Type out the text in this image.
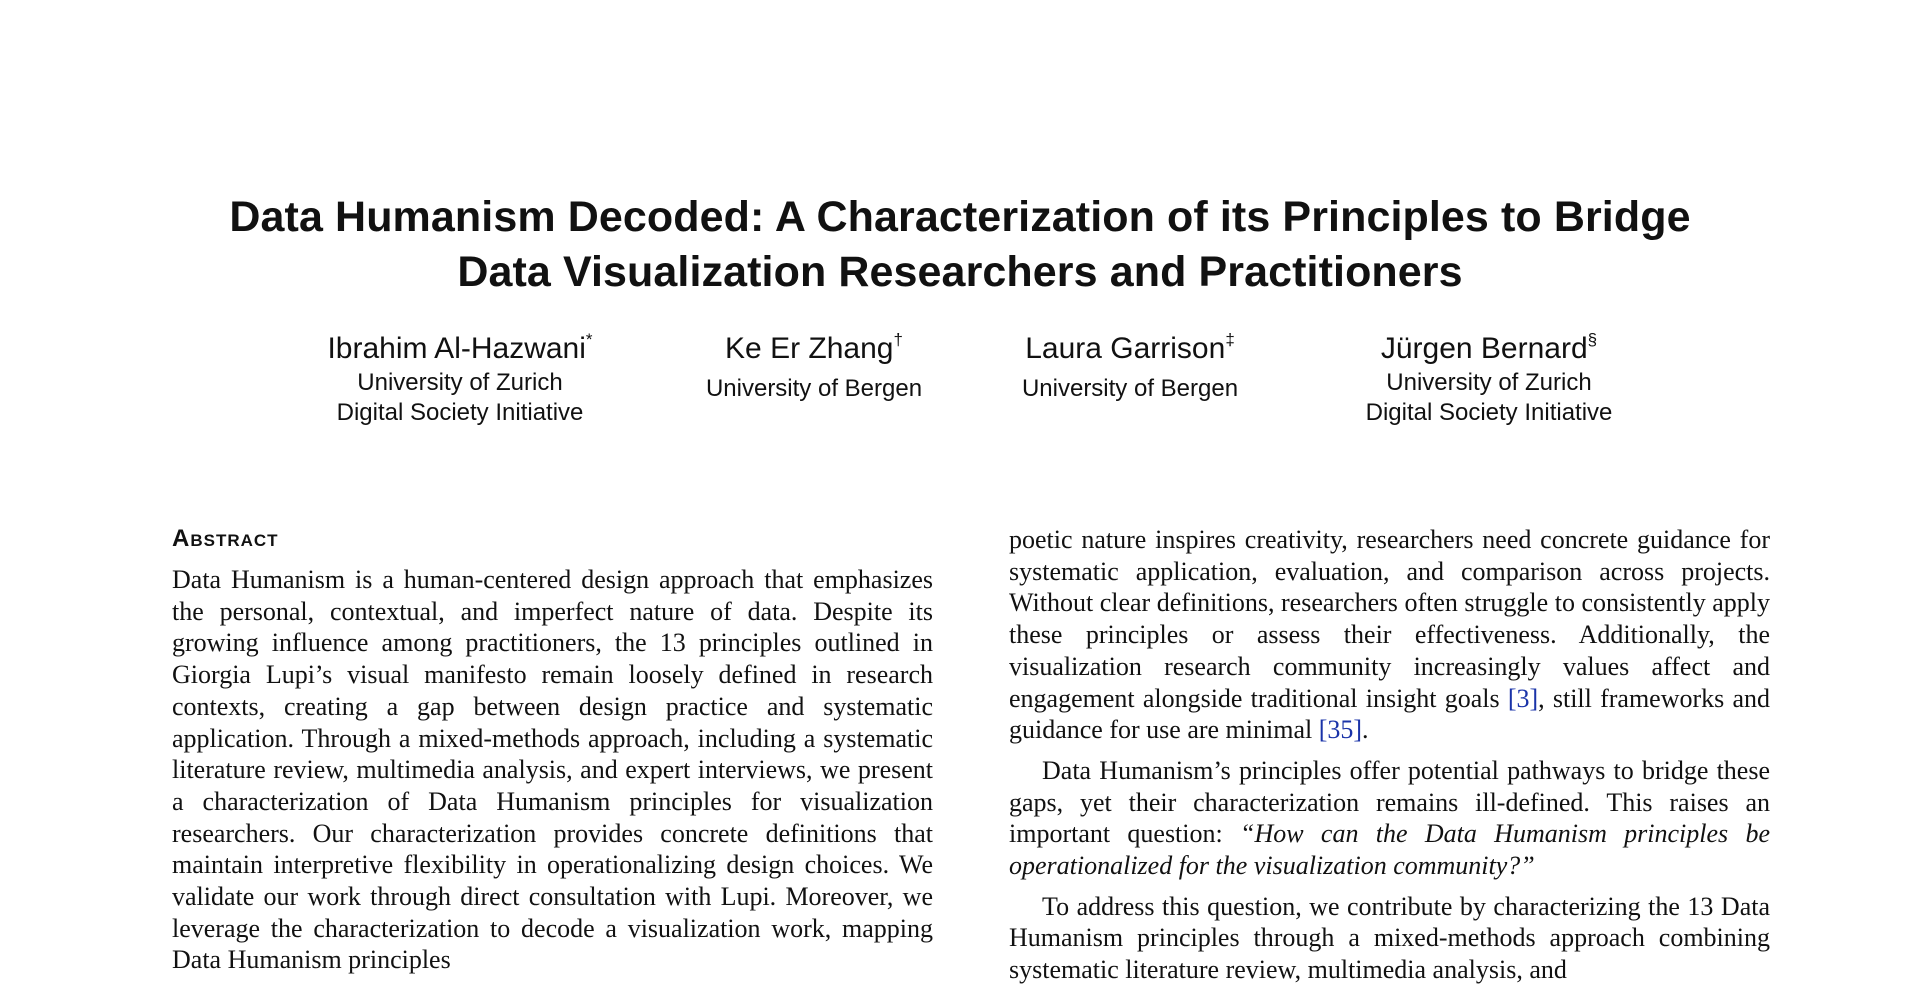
Data Humanism Decoded: A Characterization of its Principles to Bridge
Data Visualization Researchers and Practitioners
Ibrahim Al-Hazwani*
University of Zurich
Digital Society Initiative
Ke Er Zhang†
University of Bergen
Laura Garrison‡
University of Bergen
Jürgen Bernard§
University of Zurich
Digital Society Initiative
Abstract

Data Humanism is a human-centered design approach that emphasizes the personal, contextual, and imperfect nature of data. Despite its growing influence among practitioners, the 13 principles outlined in Giorgia Lupi’s visual manifesto remain loosely defined in research contexts, creating a gap between design practice and systematic application. Through a mixed-methods approach, including a systematic literature review, multimedia analysis, and expert interviews, we present a characterization of Data Humanism principles for visualization researchers. Our characterization provides concrete definitions that maintain interpretive flexibility in operationalizing design choices. We validate our work through direct consultation with Lupi. Moreover, we leverage the characterization to decode a visualization work, mapping Data Humanism principles

poetic nature inspires creativity, researchers need concrete guidance for systematic application, evaluation, and comparison across projects. Without clear definitions, researchers often struggle to consistently apply these principles or assess their effectiveness. Additionally, the visualization research community increasingly values affect and engagement alongside traditional insight goals [3], still frameworks and guidance for use are minimal [35].

Data Humanism’s principles offer potential pathways to bridge these gaps, yet their characterization remains ill-defined. This raises an important question: “How can the Data Humanism principles be operationalized for the visualization community?”

To address this question, we contribute by characterizing the 13 Data Humanism principles through a mixed-methods approach combining systematic literature review, multimedia analysis, and
